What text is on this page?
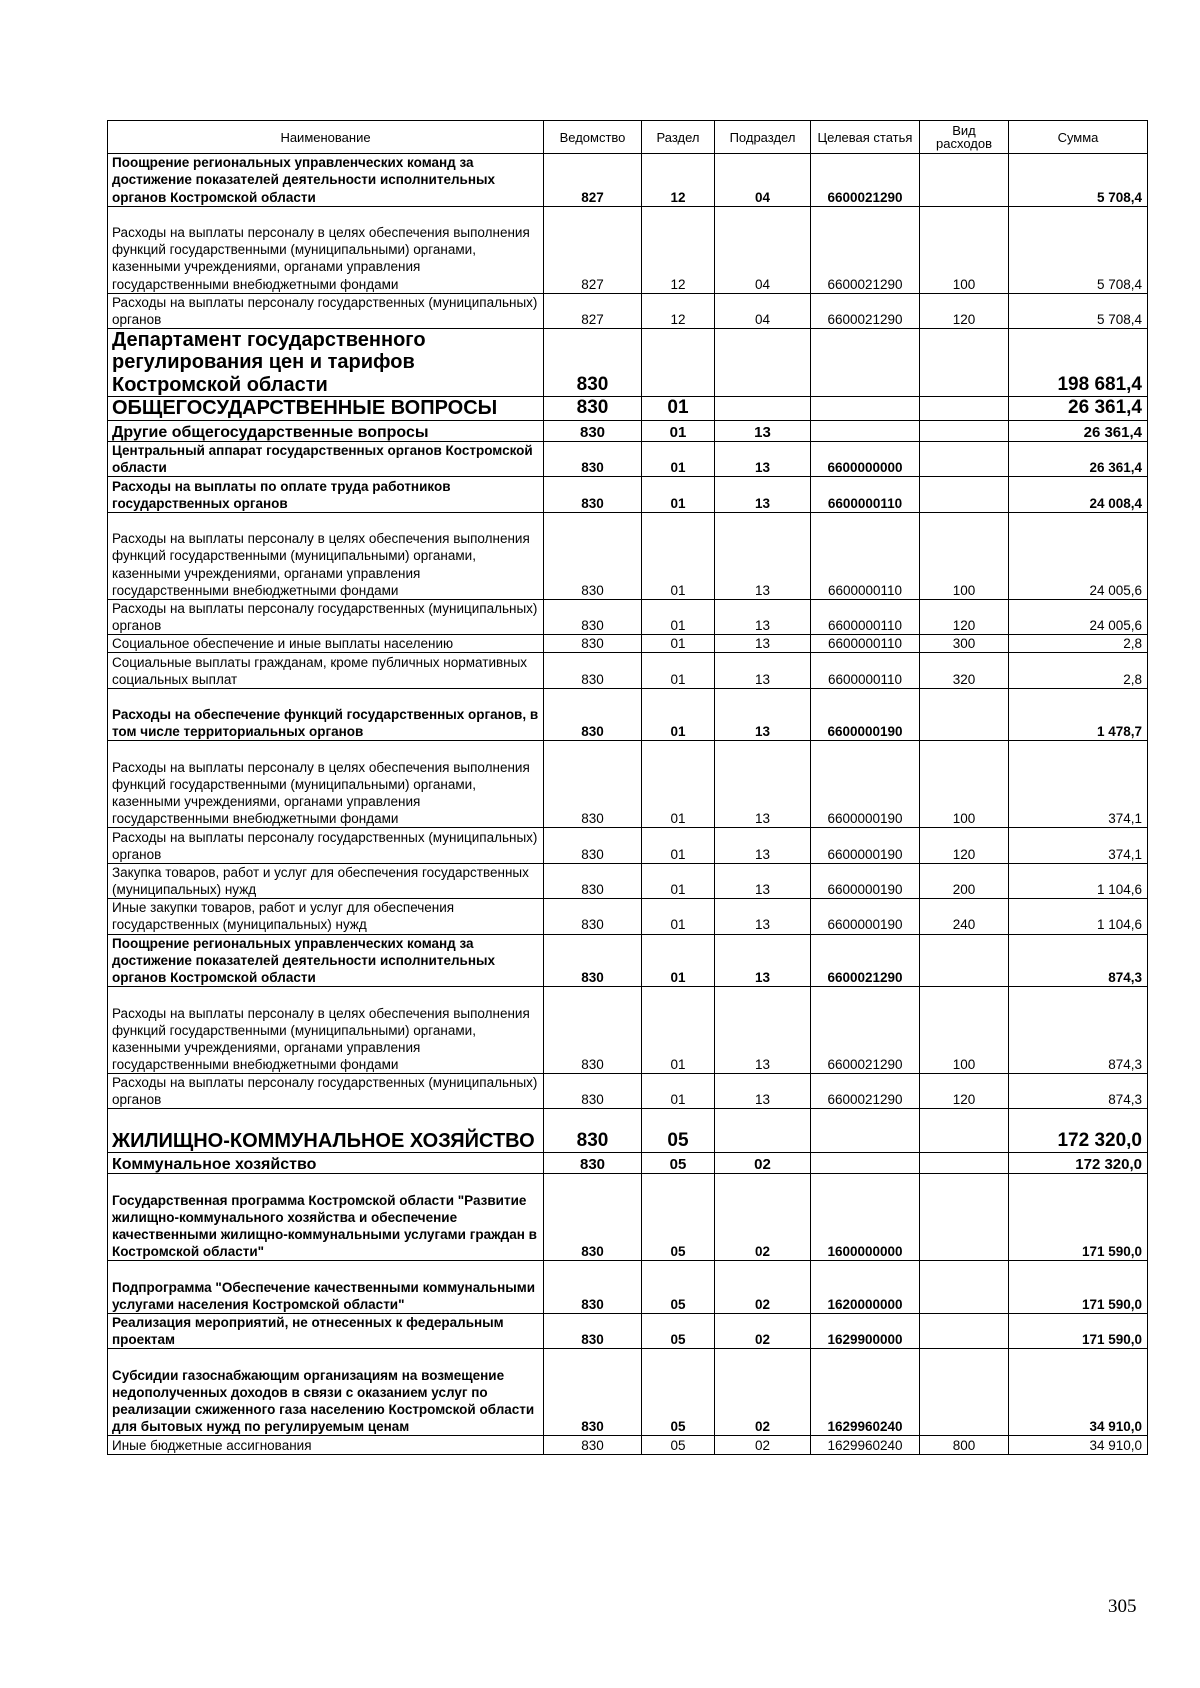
Наименование	Ведомство	Раздел	Подраздел	Целевая статья	Вид расходов	Сумма
Поощрение региональных управленческих команд за достижение показателей деятельности исполнительных органов Костромской области	827	12	04	6600021290		5 708,4
Расходы на выплаты персоналу в целях обеспечения выполнения функций государственными (муниципальными) органами, казенными учреждениями, органами управления государственными внебюджетными фондами	827	12	04	6600021290	100	5 708,4
Расходы на выплаты персоналу государственных (муниципальных) органов	827	12	04	6600021290	120	5 708,4
Департамент государственного регулирования цен и тарифов Костромской области	830					198 681,4
ОБЩЕГОСУДАРСТВЕННЫЕ ВОПРОСЫ	830	01				26 361,4
Другие общегосударственные вопросы	830	01	13			26 361,4
Центральный аппарат государственных органов Костромской области	830	01	13	6600000000		26 361,4
Расходы на выплаты по оплате труда работников государственных органов	830	01	13	6600000110		24 008,4
Расходы на выплаты персоналу в целях обеспечения выполнения функций государственными (муниципальными) органами, казенными учреждениями, органами управления государственными внебюджетными фондами	830	01	13	6600000110	100	24 005,6
Расходы на выплаты персоналу государственных (муниципальных) органов	830	01	13	6600000110	120	24 005,6
Социальное обеспечение и иные выплаты населению	830	01	13	6600000110	300	2,8
Социальные выплаты гражданам, кроме публичных нормативных социальных выплат	830	01	13	6600000110	320	2,8
Расходы на обеспечение функций государственных органов, в том числе территориальных органов	830	01	13	6600000190		1 478,7
Расходы на выплаты персоналу в целях обеспечения выполнения функций государственными (муниципальными) органами, казенными учреждениями, органами управления государственными внебюджетными фондами	830	01	13	6600000190	100	374,1
Расходы на выплаты персоналу государственных (муниципальных) органов	830	01	13	6600000190	120	374,1
Закупка товаров, работ и услуг для обеспечения государственных (муниципальных) нужд	830	01	13	6600000190	200	1 104,6
Иные закупки товаров, работ и услуг для обеспечения государственных (муниципальных) нужд	830	01	13	6600000190	240	1 104,6
Поощрение региональных управленческих команд за достижение показателей деятельности исполнительных органов Костромской области	830	01	13	6600021290		874,3
Расходы на выплаты персоналу в целях обеспечения выполнения функций государственными (муниципальными) органами, казенными учреждениями, органами управления государственными внебюджетными фондами	830	01	13	6600021290	100	874,3
Расходы на выплаты персоналу государственных (муниципальных) органов	830	01	13	6600021290	120	874,3
ЖИЛИЩНО-КОММУНАЛЬНОЕ ХОЗЯЙСТВО	830	05				172 320,0
Коммунальное хозяйство	830	05	02			172 320,0
Государственная программа Костромской области "Развитие жилищно-коммунального хозяйства и обеспечение качественными жилищно-коммунальными услугами граждан в Костромской области"	830	05	02	1600000000		171 590,0
Подпрограмма "Обеспечение качественными коммунальными услугами населения Костромской области"	830	05	02	1620000000		171 590,0
Реализация мероприятий, не отнесенных к федеральным проектам	830	05	02	1629900000		171 590,0
Субсидии газоснабжающим организациям на возмещение недополученных доходов в связи с оказанием услуг по реализации сжиженного газа населению Костромской области для бытовых нужд по регулируемым ценам	830	05	02	1629960240		34 910,0
Иные бюджетные ассигнования	830	05	02	1629960240	800	34 910,0
305
